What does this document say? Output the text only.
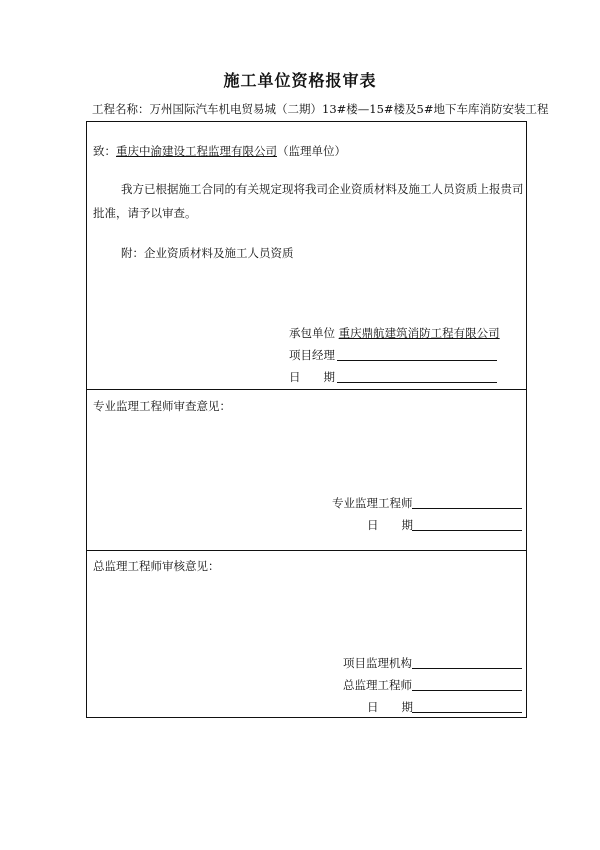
施工单位资格报审表
工程名称：万州国际汽车机电贸易城（二期）13#楼—15#楼及5#地下车库消防安装工程
致：重庆中渝建设工程监理有限公司（监理单位）
我方已根据施工合同的有关规定现将我司企业资质材料及施工人员资质上报贵司
批准，请予以审查。
附：企业资质材料及施工人员资质
承包单位 重庆鼎航建筑消防工程有限公司
项目经理
日　　期
专业监理工程师审查意见：
专业监理工程师
日　　期
总监理工程师审核意见：
项目监理机构
总监理工程师
日　　期
